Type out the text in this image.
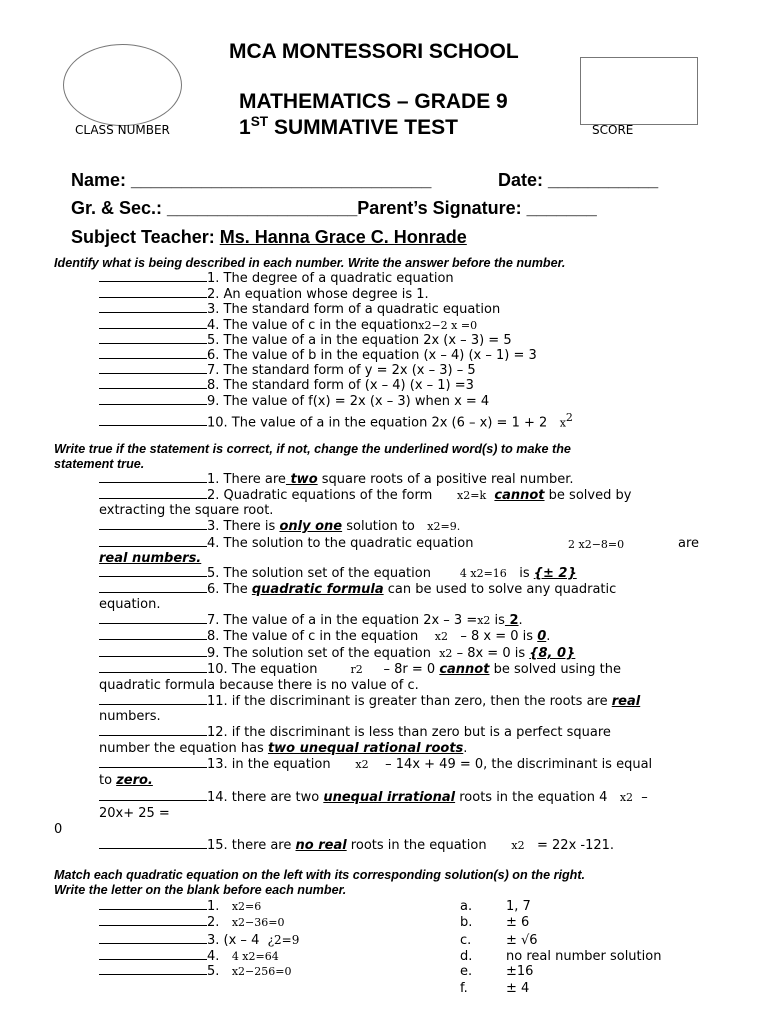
MCA MONTESSORI SCHOOL
MATHEMATICS – GRADE 9
1ST SUMMATIVE TEST
CLASS NUMBER	SCORE
Name: ______________________________	Date: ___________
Gr. & Sec.: ___________________Parent’s Signature: _______
Subject Teacher: Ms. Hanna Grace C. Honrade
Identify what is being described in each number. Write the answer before the number.
1. The degree of a quadratic equation
2. An equation whose degree is 1.
3. The standard form of a quadratic equation
4. The value of c in the equationx2−2 x =0
5. The value of a in the equation 2x (x – 3) = 5
6. The value of b in the equation (x – 4) (x – 1) = 3
7. The standard form of y = 2x (x – 3) – 5
8. The standard form of (x – 4) (x – 1) =3
9. The value of f(x) = 2x (x – 3) when x = 4
10. The value of a in the equation 2x (6 – x) = 1 + 2 $x^2$
Write true if the statement is correct, if not, change the underlined word(s) to make the
statement true.
1. There are two square roots of a positive real number.
2. Quadratic equations of the form x2=k cannot be solved by
extracting the square root.
3. There is only one solution to x2=9.
4. The solution to the quadratic equation	2 x2−8=0	are
real numbers.
5. The solution set of the equation	4 x2=16 is {± 2}
6. The quadratic formula can be used to solve any quadratic
equation.
7. The value of a in the equation 2x – 3 =x2 is 2.
8. The value of c in the equation x2 – 8 x = 0 is 0.
9. The solution set of the equation x2 – 8x = 0 is {8, 0}
10. The equation	r2 – 8r = 0 cannot be solved using the
quadratic formula because there is no value of c.
11. if the discriminant is greater than zero, then the roots are real
numbers.
12. if the discriminant is less than zero but is a perfect square
number the equation has two unequal rational roots.
13. in the equation x2 – 14x + 49 = 0, the discriminant is equal
to zero.
14. there are two unequal irrational roots in the equation 4 x2 –
20x+ 25 =
0
15. there are no real roots in the equation x2 = 22x -121.
Match each quadratic equation on the left with its corresponding solution(s) on the right.
Write the letter on the blank before each number.
1. x2=6
2. x2−36=0
3. (x – 4 ¿2=9
4. 4 x2=64
5. x2−256=0
a.	1, 7
b.	± 6
c.	± √6
d.	no real number solution
e.	±16
f.	± 4
